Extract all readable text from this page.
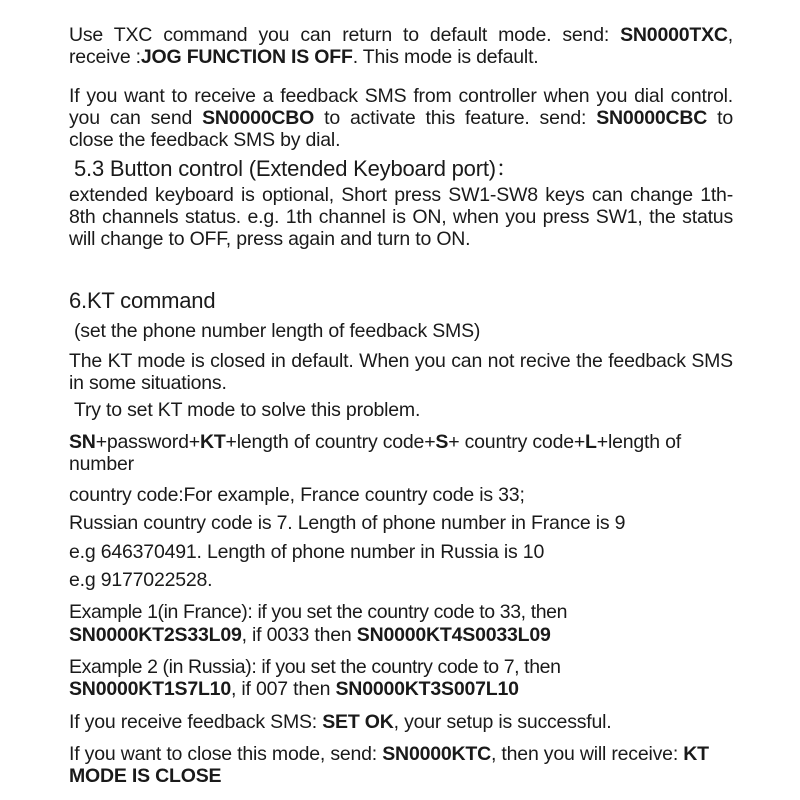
Use TXC command you can return to default mode. send: SN0000TXC, receive :JOG FUNCTION IS OFF. This mode is default.

If you want to receive a feedback SMS from controller when you dial control. you can send SN0000CBO to activate this feature. send: SN0000CBC to close the feedback SMS by dial.

5.3 Button control (Extended Keyboard port)：

extended keyboard is optional, Short press SW1-SW8 keys can change 1th-8th channels status. e.g. 1th channel is ON, when you press SW1, the status will change to OFF, press again and turn to ON.

6.KT command
(set the phone number length of feedback SMS)

The KT mode is closed in default. When you can not recive the feedback SMS in some situations.

Try to set KT mode to solve this problem.

SN+password+KT+length of country code+S+ country code+L+length of number

country code:For example, France country code is 33;
Russian country code is 7. Length of phone number in France is 9
e.g 646370491. Length of phone number in Russia is 10
e.g 9177022528.
Example 1(in France): if you set the country code to 33, then
SN0000KT2S33L09, if 0033 then SN0000KT4S0033L09
Example 2 (in Russia): if you set the country code to 7, then
SN0000KT1S7L10, if 007 then SN0000KT3S007L10
If you receive feedback SMS: SET OK, your setup is successful.

If you want to close this mode, send: SN0000KTC, then you will receive: KT MODE IS CLOSE
